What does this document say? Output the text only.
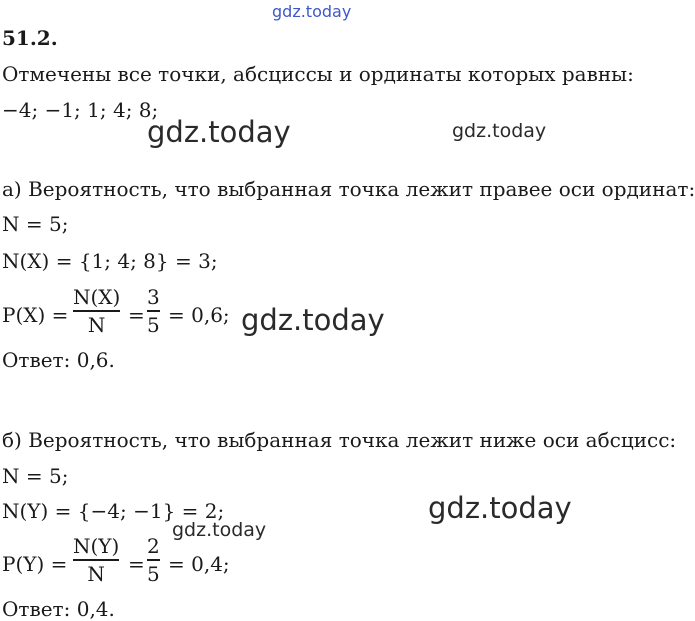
gdz.today
51.2.
Отмечены все точки, абсциссы и ординаты которых равны:
−4; −1; 1; 4; 8;
gdz.today	gdz.today
а) Вероятность, что выбранная точка лежит правее оси ординат:
N = 5;
N(X) = {1; 4; 8} = 3;
P(X) =
N(X)
N	=
3
5 = 0,6; gdz.today
Ответ: 0,6.
б) Вероятность, что выбранная точка лежит ниже оси абсцисс:
N = 5;
N(Y) = {−4; −1} = 2;	gdz.today
gdz.today
P(Y) =
N(Y)
N	=
2
5 = 0,4;
Ответ: 0,4.
